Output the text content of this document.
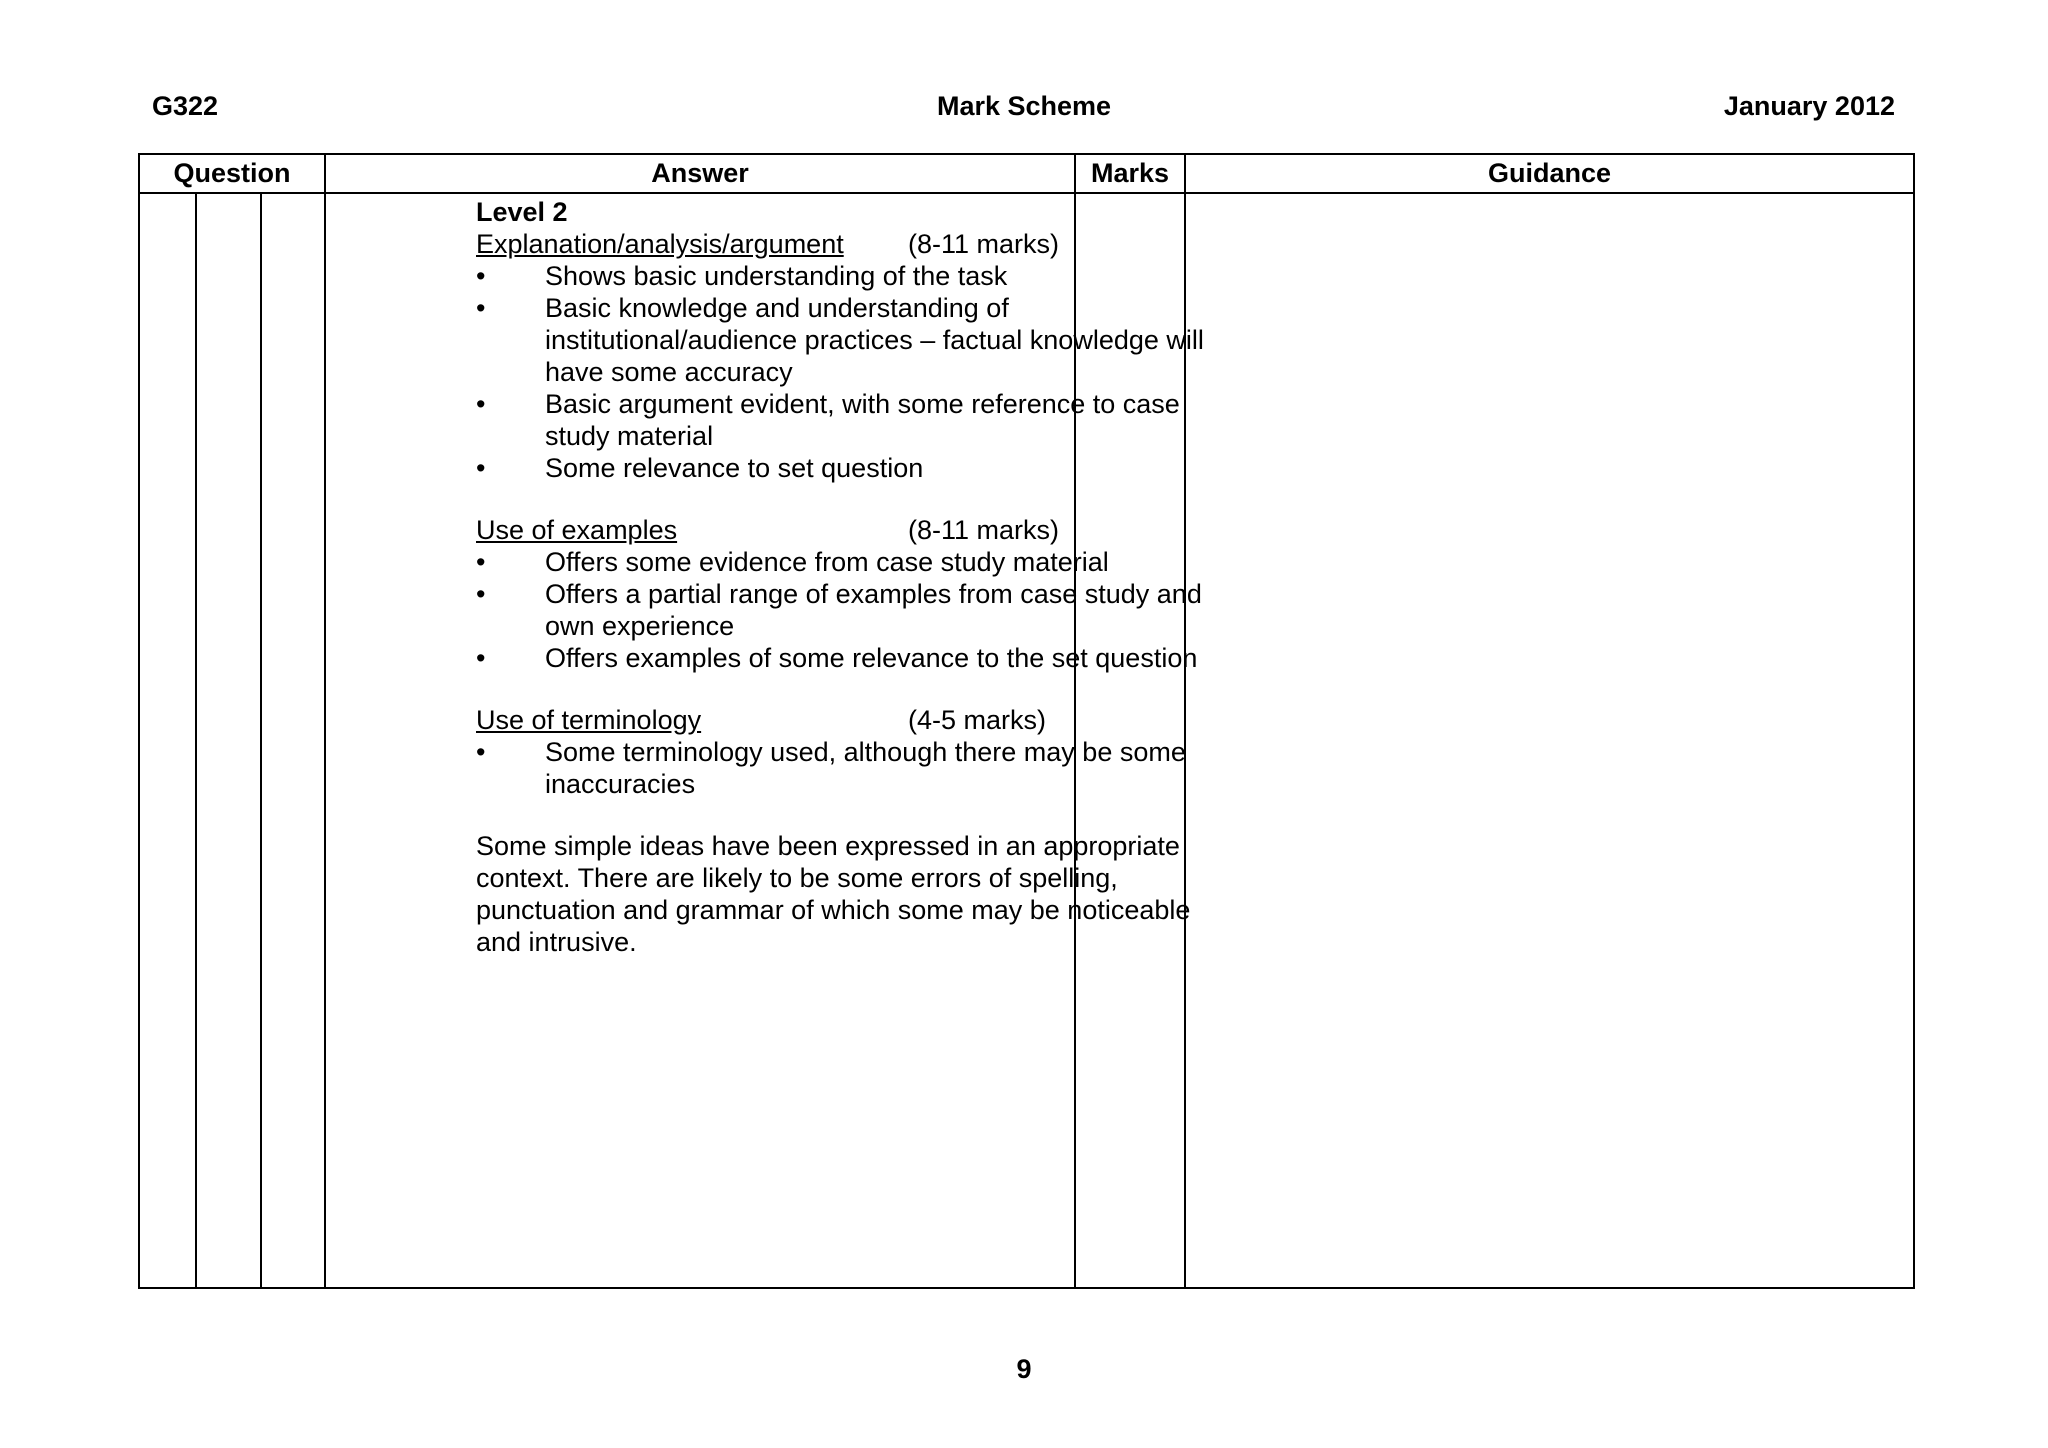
G322	Mark Scheme	January 2012
Question	Answer	Marks	Guidance

Level 2

Explanation/analysis/argument	(8-11 marks)
• Shows basic understanding of the task
• Basic knowledge and understanding of institutional/audience practices – factual knowledge will have some accuracy
• Basic argument evident, with some reference to case study material
• Some relevance to set question
Use of examples	(8-11 marks)
• Offers some evidence from case study material
• Offers a partial range of examples from case study and own experience
• Offers examples of some relevance to the set question
Use of terminology	(4-5 marks)
• Some terminology used, although there may be some inaccuracies

Some simple ideas have been expressed in an appropriate context. There are likely to be some errors of spelling, punctuation and grammar of which some may be noticeable and intrusive.

9
